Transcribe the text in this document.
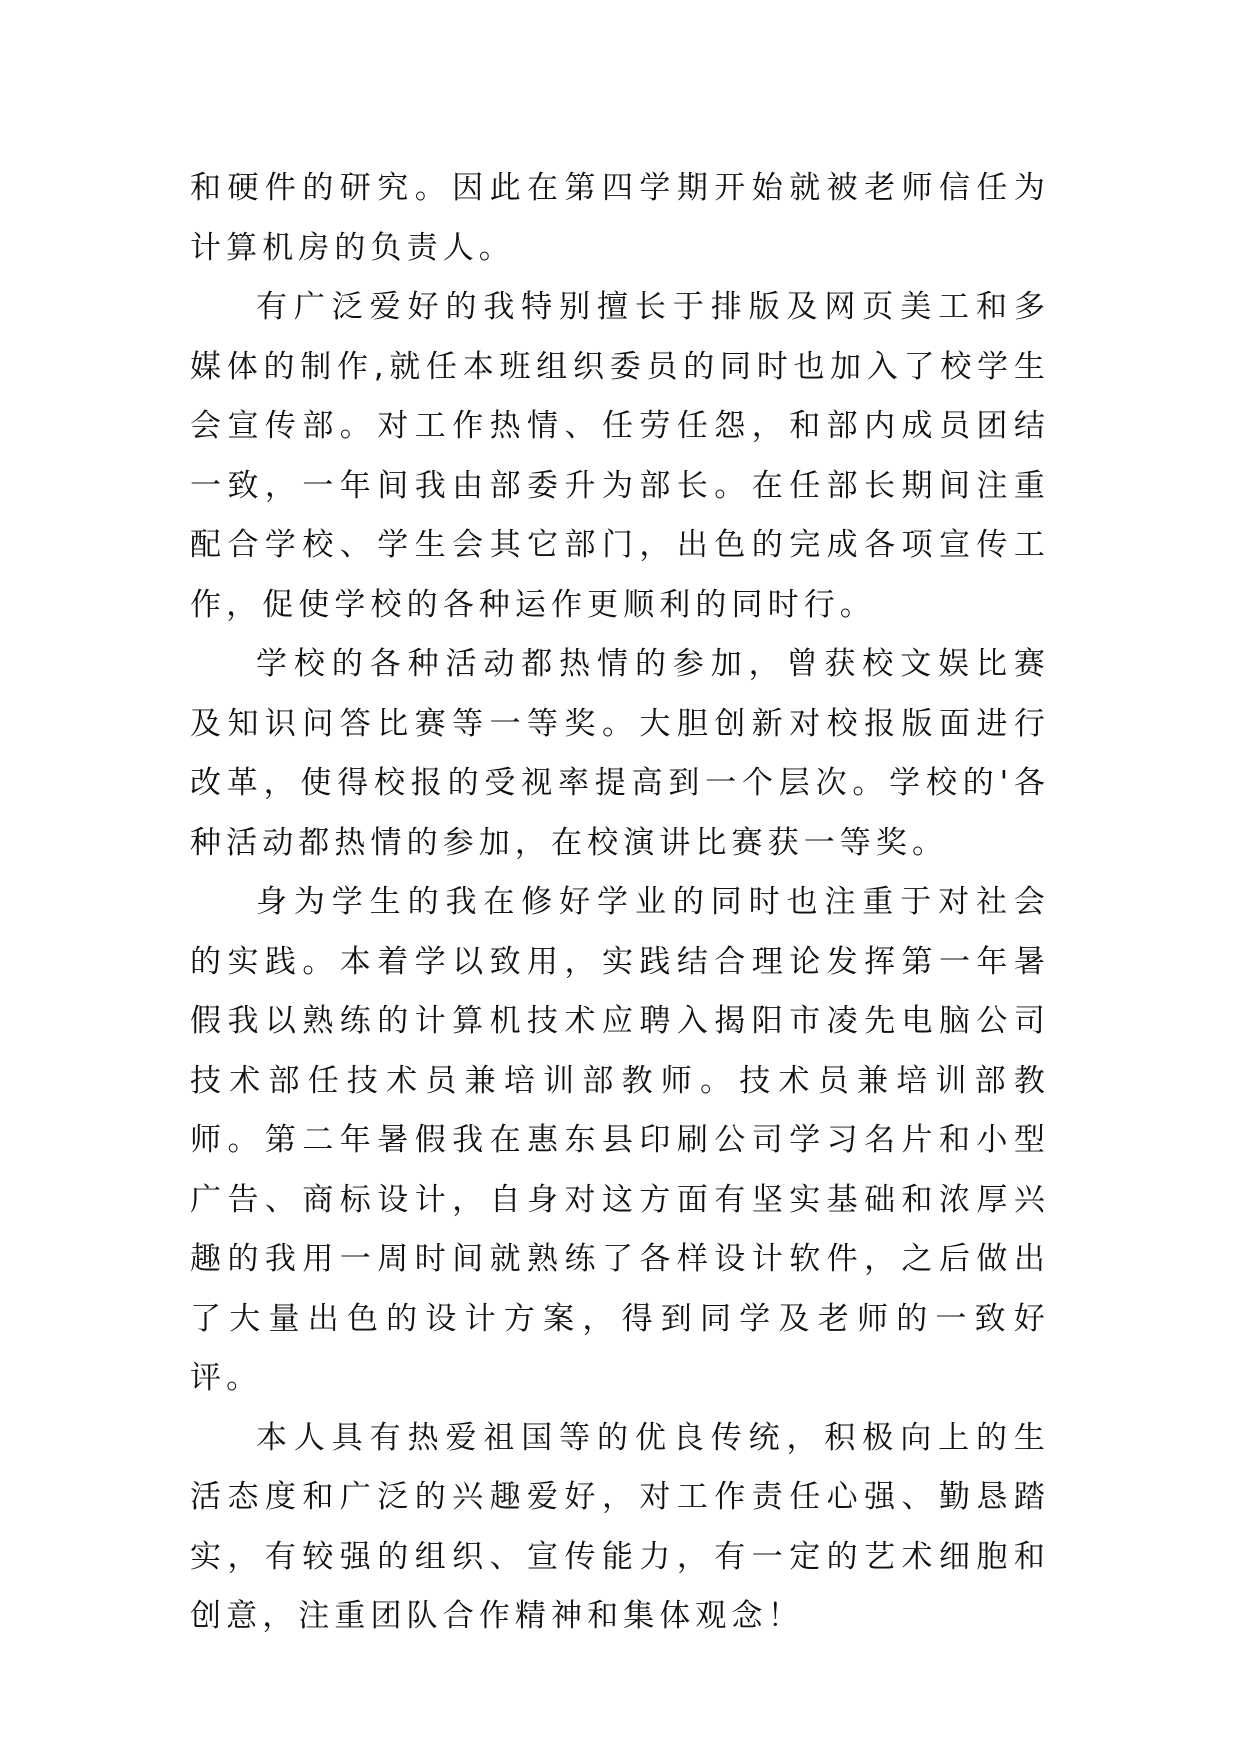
和硬件的研究。因此在第四学期开始就被老师信任为计算机房的负责人。

有广泛爱好的我特别擅长于排版及网页美工和多媒体的制作,就任本班组织委员的同时也加入了校学生会宣传部。对工作热情、任劳任怨，和部内成员团结一致，一年间我由部委升为部长。在任部长期间注重配合学校、学生会其它部门，出色的完成各项宣传工作，促使学校的各种运作更顺利的同时行。

学校的各种活动都热情的参加，曾获校文娱比赛及知识问答比赛等一等奖。大胆创新对校报版面进行改革，使得校报的受视率提高到一个层次。学校的'各种活动都热情的参加，在校演讲比赛获一等奖。

身为学生的我在修好学业的同时也注重于对社会的实践。本着学以致用，实践结合理论发挥第一年暑假我以熟练的计算机技术应聘入揭阳市凌先电脑公司技术部任技术员兼培训部教师。技术员兼培训部教师。第二年暑假我在惠东县印刷公司学习名片和小型广告、商标设计，自身对这方面有坚实基础和浓厚兴趣的我用一周时间就熟练了各样设计软件，之后做出了大量出色的设计方案，得到同学及老师的一致好评。

本人具有热爱祖国等的优良传统，积极向上的生活态度和广泛的兴趣爱好，对工作责任心强、勤恳踏实，有较强的组织、宣传能力，有一定的艺术细胞和创意，注重团队合作精神和集体观念！
